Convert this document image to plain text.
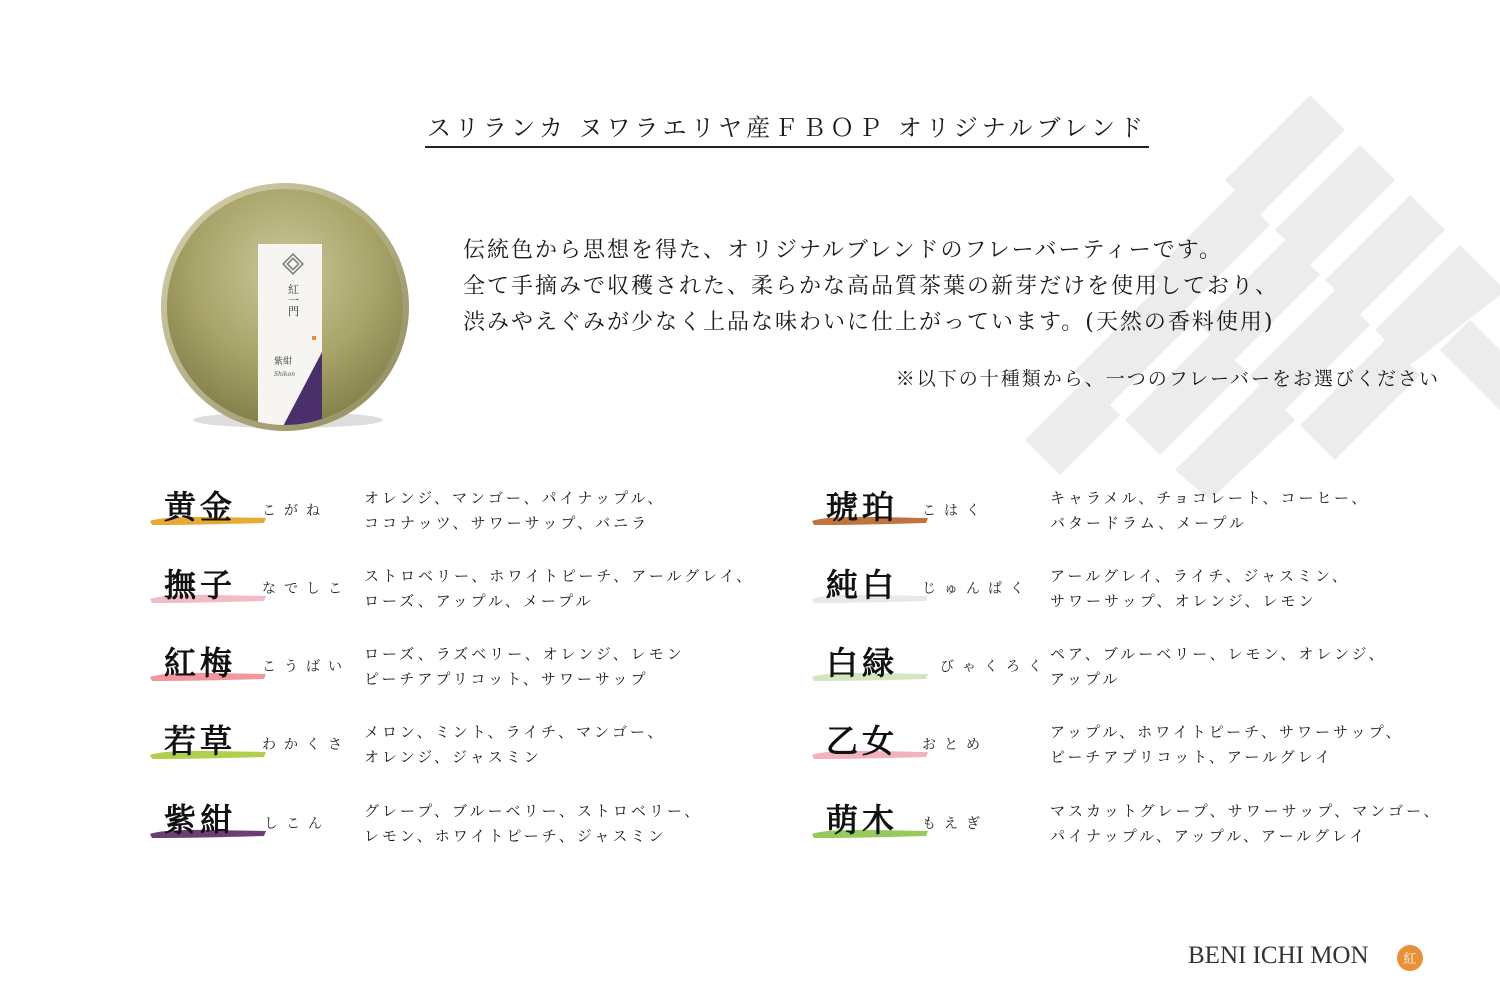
スリランカ ヌワラエリヤ産ＦＢＯＰ オリジナルブレンド
紅一門
紫紺
Shikon
伝統色から思想を得た、オリジナルブレンドのフレーバーティーです。
全て手摘みで収穫された、柔らかな高品質茶葉の新芽だけを使用しており、
渋みやえぐみが少なく上品な味わいに仕上がっています。(天然の香料使用)
※以下の十種類から、一つのフレーバーをお選びください
黄金 こがね
オレンジ、マンゴー、パイナップル、
ココナッツ、サワーサップ、バニラ
撫子 なでしこ
ストロベリー、ホワイトピーチ、アールグレイ、
ローズ、アップル、メープル
紅梅 こうばい
ローズ、ラズベリー、オレンジ、レモン
ピーチアプリコット、サワーサップ
若草 わかくさ
メロン、ミント、ライチ、マンゴー、
オレンジ、ジャスミン
紫紺 しこん
グレープ、ブルーベリー、ストロベリー、
レモン、ホワイトピーチ、ジャスミン
琥珀 こはく
キャラメル、チョコレート、コーヒー、
バタードラム、メープル
純白 じゅんぱく
アールグレイ、ライチ、ジャスミン、
サワーサップ、オレンジ、レモン
白緑	びゃくろく
ペア、ブルーベリー、レモン、オレンジ、
アップル
乙女 おとめ
アップル、ホワイトピーチ、サワーサップ、
ピーチアプリコット、アールグレイ
萌木 もえぎ
マスカットグレープ、サワーサップ、マンゴー、
パイナップル、アップル、アールグレイ
BENI ICHI MON	紅
